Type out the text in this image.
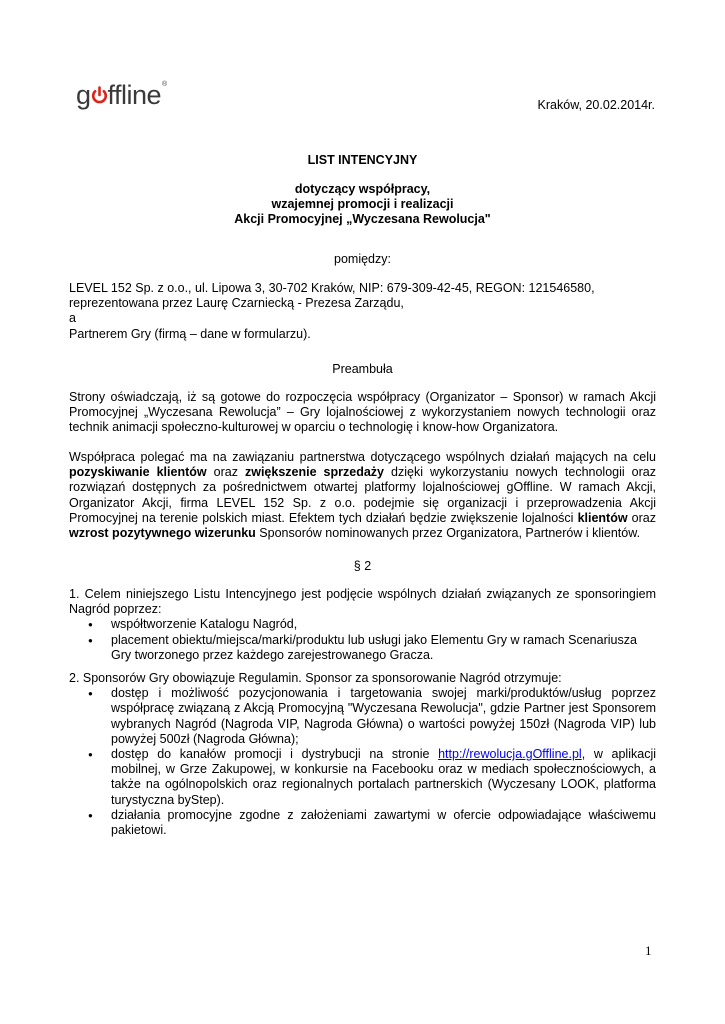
g ffline ®
Kraków, 20.02.2014r.
LIST INTENCYJNY
dotyczący współpracy,
wzajemnej promocji i realizacji
Akcji Promocyjnej „Wyczesana Rewolucja"
pomiędzy:
LEVEL 152 Sp. z o.o., ul. Lipowa 3, 30-702 Kraków, NIP: 679-309-42-45, REGON: 121546580,
reprezentowana przez Laurę Czarniecką - Prezesa Zarządu,
a
Partnerem Gry (firmą – dane w formularzu).
Preambuła

Strony oświadczają, iż są gotowe do rozpoczęcia współpracy (Organizator – Sponsor) w ramach Akcji Promocyjnej „Wyczesana Rewolucja” – Gry lojalnościowej z wykorzystaniem nowych technologii oraz technik animacji społeczno-kulturowej w oparciu o technologię i know-how Organizatora.

Współpraca polegać ma na zawiązaniu partnerstwa dotyczącego wspólnych działań mających na celu pozyskiwanie klientów oraz zwiększenie sprzedaży dzięki wykorzystaniu nowych technologii oraz rozwiązań dostępnych za pośrednictwem otwartej platformy lojalnościowej gOffline. W ramach Akcji, Organizator Akcji, firma LEVEL 152 Sp. z o.o. podejmie się organizacji i przeprowadzenia Akcji Promocyjnej na terenie polskich miast. Efektem tych działań będzie zwiększenie lojalności klientów oraz wzrost pozytywnego wizerunku Sponsorów nominowanych przez Organizatora, Partnerów i klientów.

§ 2

1. Celem niniejszego Listu Intencyjnego jest podjęcie wspólnych działań związanych ze sponsoringiem Nagród poprzez:

● współtworzenie Katalogu Nagród,
● placement obiektu/miejsca/marki/produktu lub usługi jako Elementu Gry w ramach Scenariusza Gry tworzonego przez każdego zarejestrowanego Gracza.

2. Sponsorów Gry obowiązuje Regulamin. Sponsor za sponsorowanie Nagród otrzymuje:

● dostęp i możliwość pozycjonowania i targetowania swojej marki/produktów/usług poprzez współpracę związaną z Akcją Promocyjną "Wyczesana Rewolucja", gdzie Partner jest Sponsorem wybranych Nagród (Nagroda VIP, Nagroda Główna) o wartości powyżej 150zł (Nagroda VIP) lub powyżej 500zł (Nagroda Główna);
● dostęp do kanałów promocji i dystrybucji na stronie http://rewolucja.gOffline.pl, w aplikacji mobilnej, w Grze Zakupowej, w konkursie na Facebooku oraz w mediach społecznościowych, a także na ogólnopolskich oraz regionalnych portalach partnerskich (Wyczesany LOOK, platforma turystyczna byStep).
● działania promocyjne zgodne z założeniami zawartymi w ofercie odpowiadające właściwemu pakietowi.
1
